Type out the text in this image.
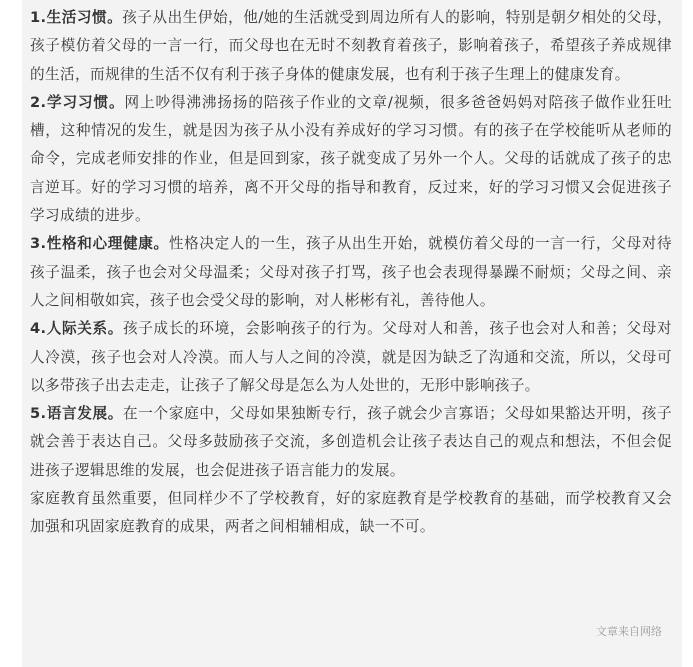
1.生活习惯。孩子从出生伊始，他/她的生活就受到周边所有人的影响，特别是朝夕相处的父母，孩子模仿着父母的一言一行，而父母也在无时不刻教育着孩子，影响着孩子，希望孩子养成规律的生活，而规律的生活不仅有利于孩子身体的健康发展，也有利于孩子生理上的健康发育。

2.学习习惯。网上吵得沸沸扬扬的陪孩子作业的文章/视频，很多爸爸妈妈对陪孩子做作业狂吐槽，这种情况的发生，就是因为孩子从小没有养成好的学习习惯。有的孩子在学校能听从老师的命令，完成老师安排的作业，但是回到家，孩子就变成了另外一个人。父母的话就成了孩子的忠言逆耳。好的学习习惯的培养，离不开父母的指导和教育，反过来，好的学习习惯又会促进孩子学习成绩的进步。

3.性格和心理健康。性格决定人的一生，孩子从出生开始，就模仿着父母的一言一行，父母对待孩子温柔，孩子也会对父母温柔；父母对孩子打骂，孩子也会表现得暴躁不耐烦；父母之间、亲人之间相敬如宾，孩子也会受父母的影响，对人彬彬有礼，善待他人。

4.人际关系。孩子成长的环境，会影响孩子的行为。父母对人和善，孩子也会对人和善；父母对人冷漠，孩子也会对人冷漠。而人与人之间的冷漠，就是因为缺乏了沟通和交流，所以，父母可以多带孩子出去走走，让孩子了解父母是怎么为人处世的，无形中影响孩子。

5.语言发展。在一个家庭中，父母如果独断专行，孩子就会少言寡语；父母如果豁达开明，孩子就会善于表达自己。父母多鼓励孩子交流，多创造机会让孩子表达自己的观点和想法，不但会促进孩子逻辑思维的发展，也会促进孩子语言能力的发展。

家庭教育虽然重要，但同样少不了学校教育，好的家庭教育是学校教育的基础，而学校教育又会加强和巩固家庭教育的成果，两者之间相辅相成，缺一不可。

文章来自网络
